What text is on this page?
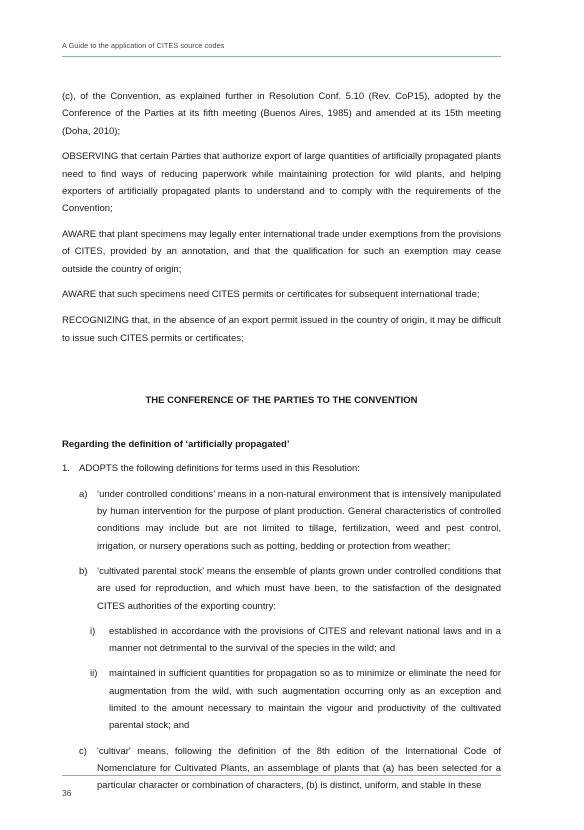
A Guide to the application of CITES source codes

(c), of the Convention, as explained further in Resolution Conf. 5.10 (Rev. CoP15), adopted by the Conference of the Parties at its fifth meeting (Buenos Aires, 1985) and amended at its 15th meeting (Doha, 2010);

OBSERVING that certain Parties that authorize export of large quantities of artificially propagated plants need to find ways of reducing paperwork while maintaining protection for wild plants, and helping exporters of artificially propagated plants to understand and to comply with the requirements of the Convention;

AWARE that plant specimens may legally enter international trade under exemptions from the provisions of CITES, provided by an annotation, and that the qualification for such an exemption may cease outside the country of origin;

AWARE that such specimens need CITES permits or certificates for subsequent international trade;

RECOGNIZING that, in the absence of an export permit issued in the country of origin, it may be difficult to issue such CITES permits or certificates;

THE CONFERENCE OF THE PARTIES TO THE CONVENTION

Regarding the definition of ‘artificially propagated’

1. ADOPTS the following definitions for terms used in this Resolution:
a) ‘under controlled conditions’ means in a non-natural environment that is intensively manipulated by human intervention for the purpose of plant production. General characteristics of controlled conditions may include but are not limited to tillage, fertilization, weed and pest control, irrigation, or nursery operations such as potting, bedding or protection from weather;
b) ‘cultivated parental stock’ means the ensemble of plants grown under controlled conditions that are used for reproduction, and which must have been, to the satisfaction of the designated CITES authorities of the exporting country:
i) established in accordance with the provisions of CITES and relevant national laws and in a manner not detrimental to the survival of the species in the wild; and
ii) maintained in sufficient quantities for propagation so as to minimize or eliminate the need for augmentation from the wild, with such augmentation occurring only as an exception and limited to the amount necessary to maintain the vigour and productivity of the cultivated parental stock; and
c) 'cultivar' means, following the definition of the 8th edition of the International Code of Nomenclature for Cultivated Plants, an assemblage of plants that (a) has been selected for a particular character or combination of characters, (b) is distinct, uniform, and stable in these
36
